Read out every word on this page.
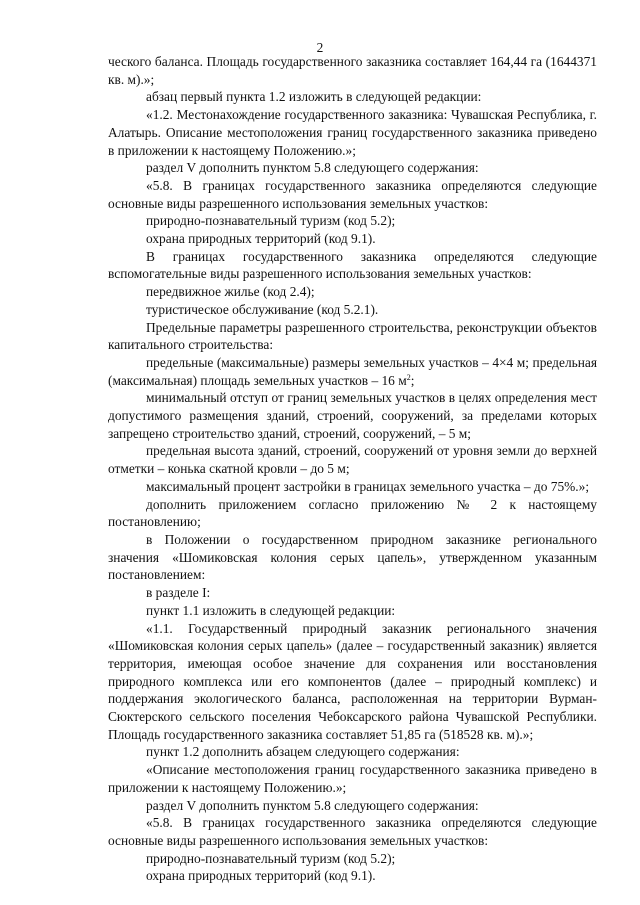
2

ческого баланса. Площадь государственного заказника составляет 164,44 га (1644371 кв. м).»;

абзац первый пункта 1.2 изложить в следующей редакции:

«1.2. Местонахождение государственного заказника: Чувашская Республика, г. Алатырь. Описание местоположения границ государственного заказника приведено в приложении к настоящему Положению.»;

раздел V дополнить пунктом 5.8 следующего содержания:

«5.8. В границах государственного заказника определяются следующие основные виды разрешенного использования земельных участков:

природно-познавательный туризм (код 5.2);

охрана природных территорий (код 9.1).

В границах государственного заказника определяются следующие вспомогательные виды разрешенного использования земельных участков:

передвижное жилье (код 2.4);

туристическое обслуживание (код 5.2.1).

Предельные параметры разрешенного строительства, реконструкции объектов капитального строительства:

предельные (максимальные) размеры земельных участков – 4×4 м; предельная (максимальная) площадь земельных участков – 16 $м^2$;

минимальный отступ от границ земельных участков в целях определения мест допустимого размещения зданий, строений, сооружений, за пределами которых запрещено строительство зданий, строений, сооружений, – 5 м;

предельная высота зданий, строений, сооружений от уровня земли до верхней отметки – конька скатной кровли – до 5 м;

максимальный процент застройки в границах земельного участка – до 75%.»;

дополнить приложением согласно приложению № 2 к настоящему постановлению;

в Положении о государственном природном заказнике регионального значения «Шомиковская колония серых цапель», утвержденном указанным постановлением:

в разделе I:

пункт 1.1 изложить в следующей редакции:

«1.1. Государственный природный заказник регионального значения «Шомиковская колония серых цапель» (далее – государственный заказник) является территория, имеющая особое значение для сохранения или восстановления природного комплекса или его компонентов (далее – природный комплекс) и поддержания экологического баланса, расположенная на территории Вурман-Сюктерского сельского поселения Чебоксарского района Чувашской Республики. Площадь государственного заказника составляет 51,85 га (518528 кв. м).»;

пункт 1.2 дополнить абзацем следующего содержания:

«Описание местоположения границ государственного заказника приведено в приложении к настоящему Положению.»;

раздел V дополнить пунктом 5.8 следующего содержания:

«5.8. В границах государственного заказника определяются следующие основные виды разрешенного использования земельных участков:

природно-познавательный туризм (код 5.2);

охрана природных территорий (код 9.1).
